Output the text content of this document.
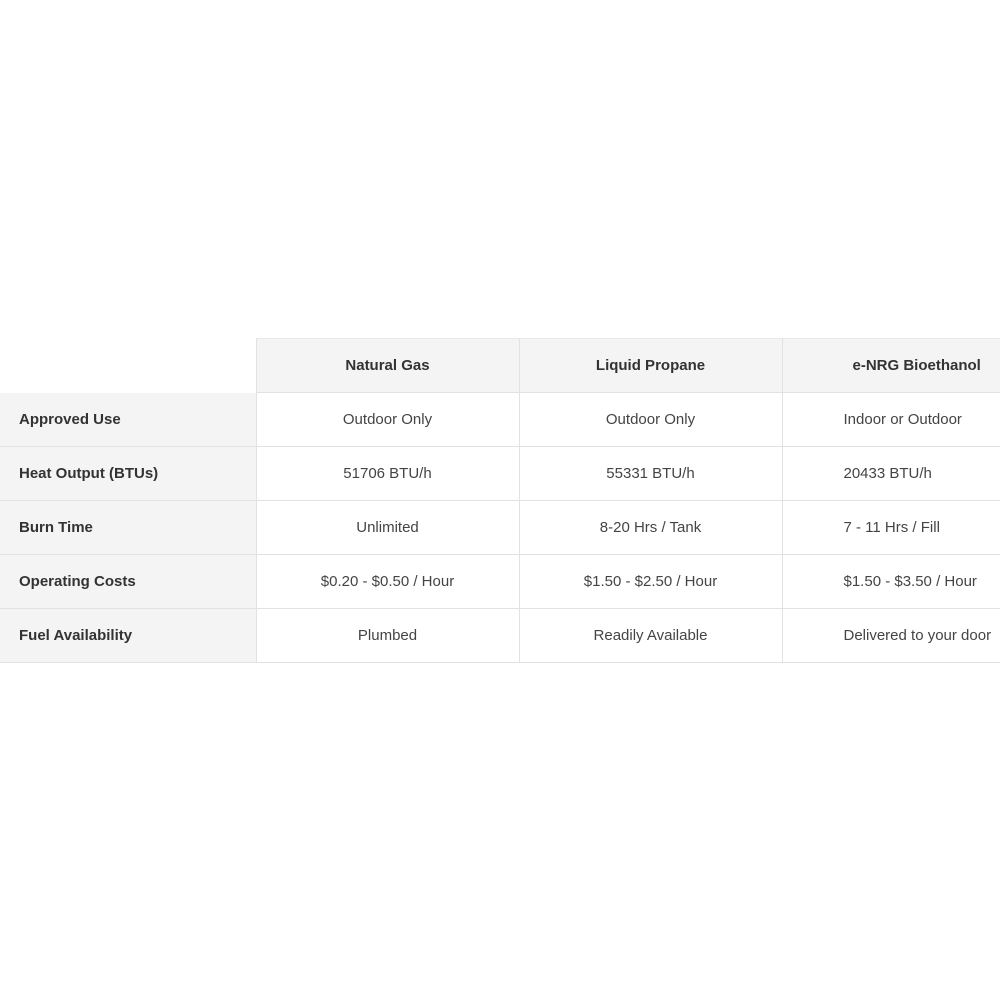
	Natural Gas	Liquid Propane	e-NRG Bioethanol
Approved Use	Outdoor Only	Outdoor Only	Indoor or Outdoor
Heat Output (BTUs)	51706 BTU/h	55331 BTU/h	20433 BTU/h
Burn Time	Unlimited	8-20 Hrs / Tank	7 - 11 Hrs / Fill
Operating Costs	$0.20 - $0.50 / Hour	$1.50 - $2.50 / Hour	$1.50 - $3.50 / Hour
Fuel Availability	Plumbed	Readily Available	Delivered to your door
